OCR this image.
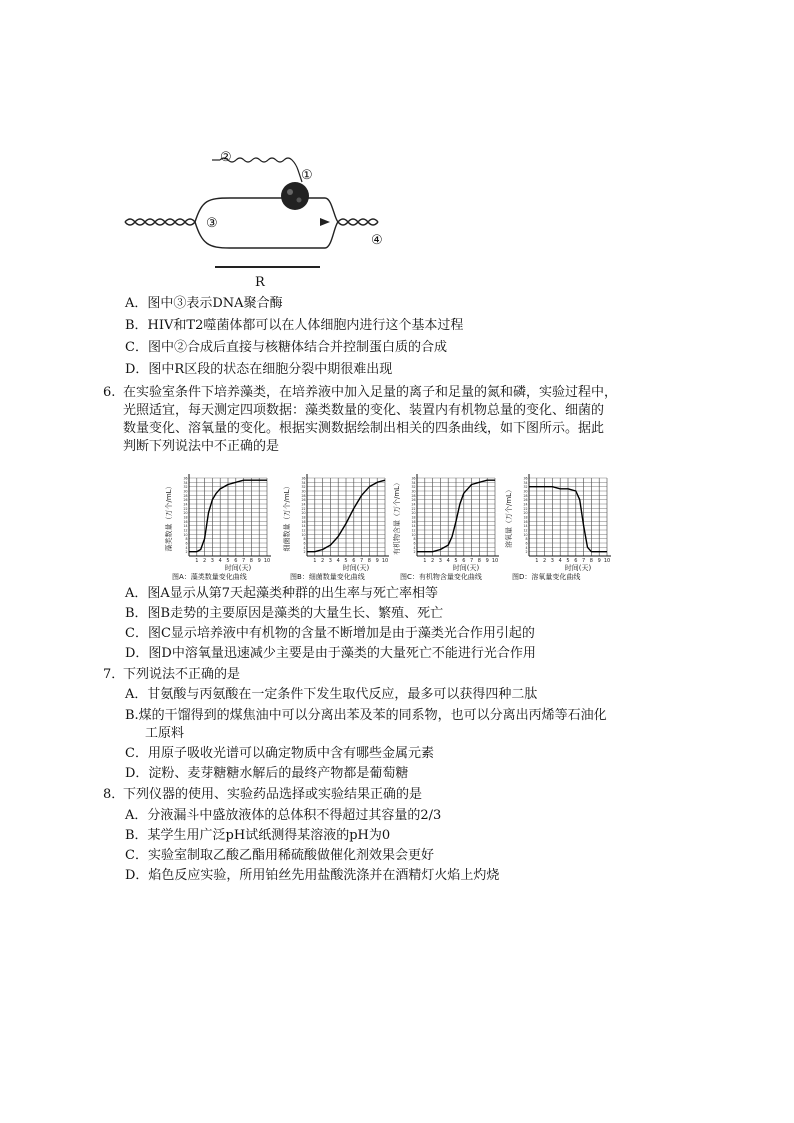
②
①
③
④
R
A．图中③表示DNA聚合酶
B．HIV和T2噬菌体都可以在人体细胞内进行这个基本过程
C．图中②合成后直接与核糖体结合并控制蛋白质的合成
D．图中R区段的状态在细胞分裂中期很难出现
6. 在实验室条件下培养藻类，在培养液中加入足量的离子和足量的氮和磷，实验过程中，
光照适宜，每天测定四项数据：藻类数量的变化、装置内有机物总量的变化、细菌的
数量变化、溶氧量的变化。根据实测数据绘制出相关的四条曲线，如下图所示。据此
判断下列说法中不正确的是
藻类数量（万个/mL）
2
4
6
8
10
12
14
16
18
20
22
24
26
28
30
32
34
36
1 2 3 4 5 6 7 8 9 10
时间(天)
细菌数量（万个/mL）
2
4
6
8
10
12
14
16
18
20
22
24
26
28
30
32
34
36
1 2 3 4 5 6 7 8 9 10
时间(天)
有机物含量（万个/mL）	2
4
6
8
10
12
14
16
18
20
22
24
26
28
30
32
34
36
1 2 3 4 5 6 7 8 9 10
时间(天)
溶氧量（万个/mL）
2
4
6
8
10
12
14
16
18
20
22
24
26
28
30
32
34
36
1 2 3 4 5 6 7 8 9 10
时间(天)
图A：藻类数量变化曲线	图B：细菌数量变化曲线	图C：有机物含量变化曲线	图D：溶氧量变化曲线
A．图A显示从第7天起藻类种群的出生率与死亡率相等
B．图B走势的主要原因是藻类的大量生长、繁殖、死亡
C．图C显示培养液中有机物的含量不断增加是由于藻类光合作用引起的
D．图D中溶氧量迅速减少主要是由于藻类的大量死亡不能进行光合作用
7．
下列说法不正确的是
A．甘氨酸与丙氨酸在一定条件下发生取代反应，最多可以获得四种二肽
B.煤的干馏得到的煤焦油中可以分离出苯及苯的同系物，也可以分离出丙烯等石油化
工原料
C．用原子吸收光谱可以确定物质中含有哪些金属元素
D．淀粉、麦芽糖糖水解后的最终产物都是葡萄糖
8．
下列仪器的使用、实验药品选择或实验结果正确的是
A．分液漏斗中盛放液体的总体积不得超过其容量的2/3
B．某学生用广泛pH试纸测得某溶液的pH为0
C．实验室制取乙酸乙酯用稀硫酸做催化剂效果会更好
D．焰色反应实验，所用铂丝先用盐酸洗涤并在酒精灯火焰上灼烧
